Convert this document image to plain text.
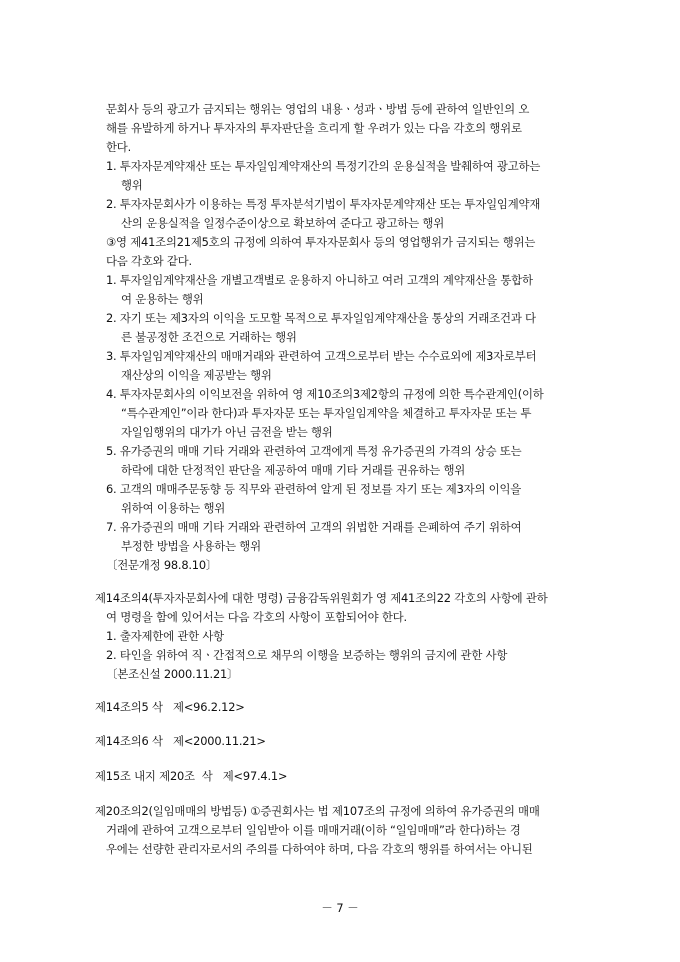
문회사 등의 광고가 금지되는 행위는 영업의 내용ㆍ성과ㆍ방법 등에 관하여 일반인의 오
해를 유발하게 하거나 투자자의 투자판단을 흐리게 할 우려가 있는 다음 각호의 행위로
한다.
1. 투자자문계약재산 또는 투자일임계약재산의 특정기간의 운용실적을 발췌하여 광고하는
행위
2. 투자자문회사가 이용하는 특정 투자분석기법이 투자자문계약재산 또는 투자일임계약재
산의 운용실적을 일정수준이상으로 확보하여 준다고 광고하는 행위
③영 제41조의21제5호의 규정에 의하여 투자자문회사 등의 영업행위가 금지되는 행위는
다음 각호와 같다.
1. 투자일임계약재산을 개별고객별로 운용하지 아니하고 여러 고객의 계약재산을 통합하
여 운용하는 행위
2. 자기 또는 제3자의 이익을 도모할 목적으로 투자일임계약재산을 통상의 거래조건과 다
른 불공정한 조건으로 거래하는 행위
3. 투자일임계약재산의 매매거래와 관련하여 고객으로부터 받는 수수료외에 제3자로부터
재산상의 이익을 제공받는 행위
4. 투자자문회사의 이익보전을 위하여 영 제10조의3제2항의 규정에 의한 특수관계인(이하
“특수관계인”이라 한다)과 투자자문 또는 투자일임계약을 체결하고 투자자문 또는 투
자일임행위의 대가가 아닌 금전을 받는 행위
5. 유가증권의 매매 기타 거래와 관련하여 고객에게 특정 유가증권의 가격의 상승 또는
하락에 대한 단정적인 판단을 제공하여 매매 기타 거래를 권유하는 행위
6. 고객의 매매주문동향 등 직무와 관련하여 알게 된 정보를 자기 또는 제3자의 이익을
위하여 이용하는 행위
7. 유가증권의 매매 기타 거래와 관련하여 고객의 위법한 거래를 은폐하여 주기 위하여
부정한 방법을 사용하는 행위
〔전문개정 98.8.10〕
제14조의4(투자자문회사에 대한 명령) 금융감독위원회가 영 제41조의22 각호의 사항에 관하
여 명령을 함에 있어서는 다음 각호의 사항이 포함되어야 한다.
1. 출자제한에 관한 사항
2. 타인을 위하여 직ㆍ간접적으로 채무의 이행을 보증하는 행위의 금지에 관한 사항
〔본조신설 2000.11.21〕
제14조의5 삭   제<96.2.12>
제14조의6 삭   제<2000.11.21>
제15조 내지 제20조  삭   제<97.4.1>
제20조의2(일임매매의 방법등) ①증권회사는 법 제107조의 규정에 의하여 유가증권의 매매
거래에 관하여 고객으로부터 일임받아 이를 매매거래(이하 “일임매매”라 한다)하는 경
우에는 선량한 관리자로서의 주의를 다하여야 하며, 다음 각호의 행위를 하여서는 아니된
－ 7 －
